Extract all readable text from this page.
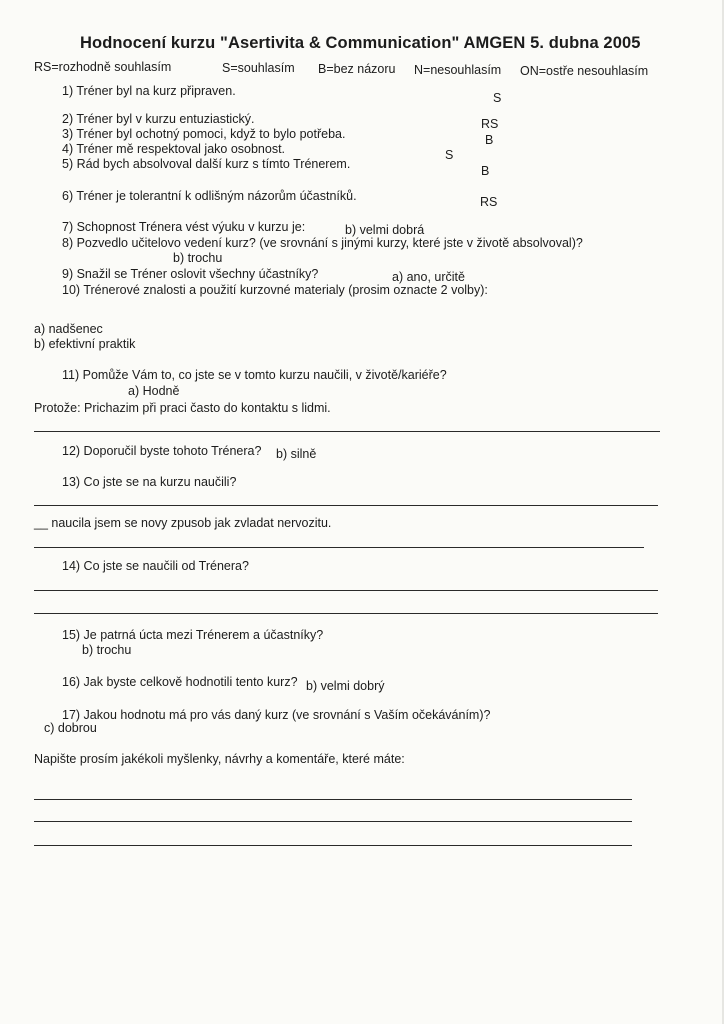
Hodnocení kurzu "Asertivita & Communication" AMGEN 5. dubna 2005
RS=rozhodně souhlasím	S=souhlasím B=bez názoru N=nesouhlasím ON=ostře nesouhlasím
1) Tréner byl na kurz připraven.	S
2) Tréner byl v kurzu entuziastický.	RS
3) Tréner byl ochotný pomoci, když to bylo potřeba.	B
4) Tréner mě respektoval jako osobnost.	S
5) Rád bych absolvoval další kurz s tímto Trénerem.	B
6) Tréner je tolerantní k odlišným názorům účastníků.	RS
7) Schopnost Trénera vést výuku v kurzu je:	b) velmi dobrá
8) Pozvedlo učitelovo vedení kurz? (ve srovnání s jinými kurzy, které jste v životě absolvoval)?
b) trochu
9) Snažil se Tréner oslovit všechny účastníky?	a) ano, určitě
10) Trénerové znalosti a použití kurzovné materialy (prosim oznacte 2 volby):
a) nadšenec
b) efektivní praktik
11) Pomůže Vám to, co jste se v tomto kurzu naučili, v životě/kariéře?
a) Hodně
Protože: Prichazim při praci často do kontaktu s lidmi.
12) Doporučil byste tohoto Trénera? b) silně
13) Co jste se na kurzu naučili?
__ naucila jsem se novy zpusob jak zvladat nervozitu.
14) Co jste se naučili od Trénera?
15) Je patrná úcta mezi Trénerem a účastníky?
b) trochu
16) Jak byste celkově hodnotili tento kurz? b) velmi dobrý
17) Jakou hodnotu má pro vás daný kurz (ve srovnání s Vaším očekáváním)?
c) dobrou
Napište prosím jakékoli myšlenky, návrhy a komentáře, které máte:
